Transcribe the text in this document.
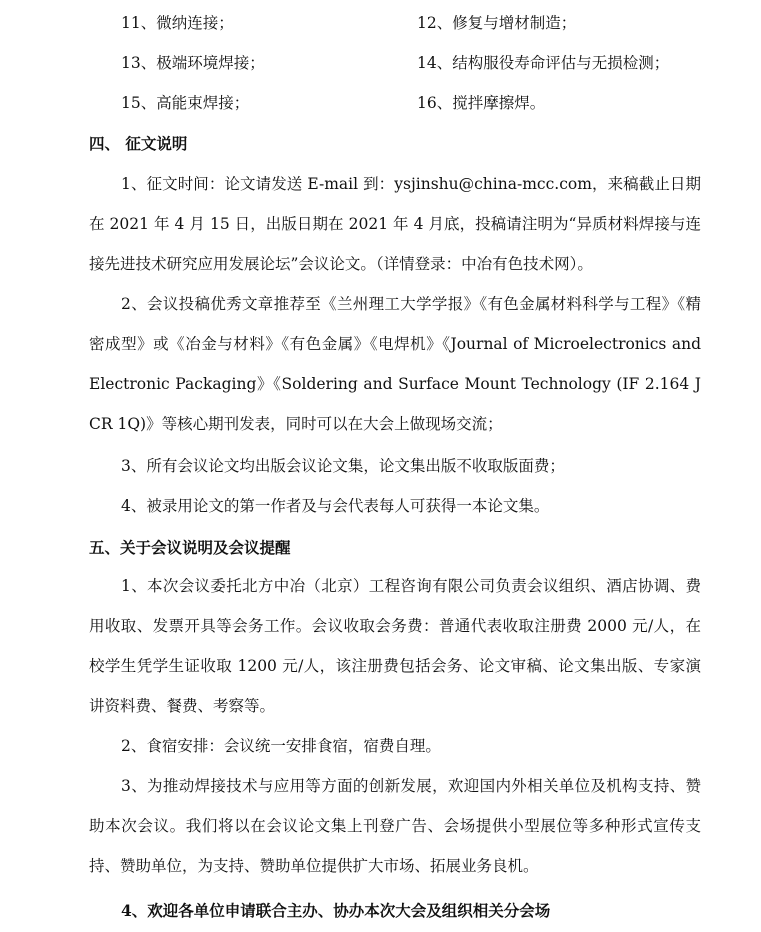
11、微纳连接；	12、修复与增材制造；
13、极端环境焊接；	14、结构服役寿命评估与无损检测；
15、高能束焊接；	16、搅拌摩擦焊。
四、 征文说明
1、征文时间：论文请发送 E-mail 到：ysjinshu@china-mcc.com，来稿截止日期在 2021 年 4 月 15 日，出版日期在 2021 年 4 月底，投稿请注明为“异质材料焊接与连接先进技术研究应用发展论坛”会议论文。（详情登录：中冶有色技术网）。
2、会议投稿优秀文章推荐至《兰州理工大学学报》《有色金属材料科学与工程》《精密成型》或《冶金与材料》《有色金属》《电焊机》《Journal of Microelectronics and Electronic Packaging》《Soldering and Surface Mount Technology (IF 2.164 JCR 1Q)》等核心期刊发表，同时可以在大会上做现场交流；
3、所有会议论文均出版会议论文集，论文集出版不收取版面费；
4、被录用论文的第一作者及与会代表每人可获得一本论文集。
五、关于会议说明及会议提醒
1、本次会议委托北方中冶（北京）工程咨询有限公司负责会议组织、酒店协调、费用收取、发票开具等会务工作。会议收取会务费：普通代表收取注册费 2000 元/人，在校学生凭学生证收取 1200 元/人，该注册费包括会务、论文审稿、论文集出版、专家演讲资料费、餐费、考察等。
2、食宿安排：会议统一安排食宿，宿费自理。
3、为推动焊接技术与应用等方面的创新发展，欢迎国内外相关单位及机构支持、赞助本次会议。我们将以在会议论文集上刊登广告、会场提供小型展位等多种形式宣传支持、赞助单位，为支持、赞助单位提供扩大市场、拓展业务良机。
4、欢迎各单位申请联合主办、协办本次大会及组织相关分会场
